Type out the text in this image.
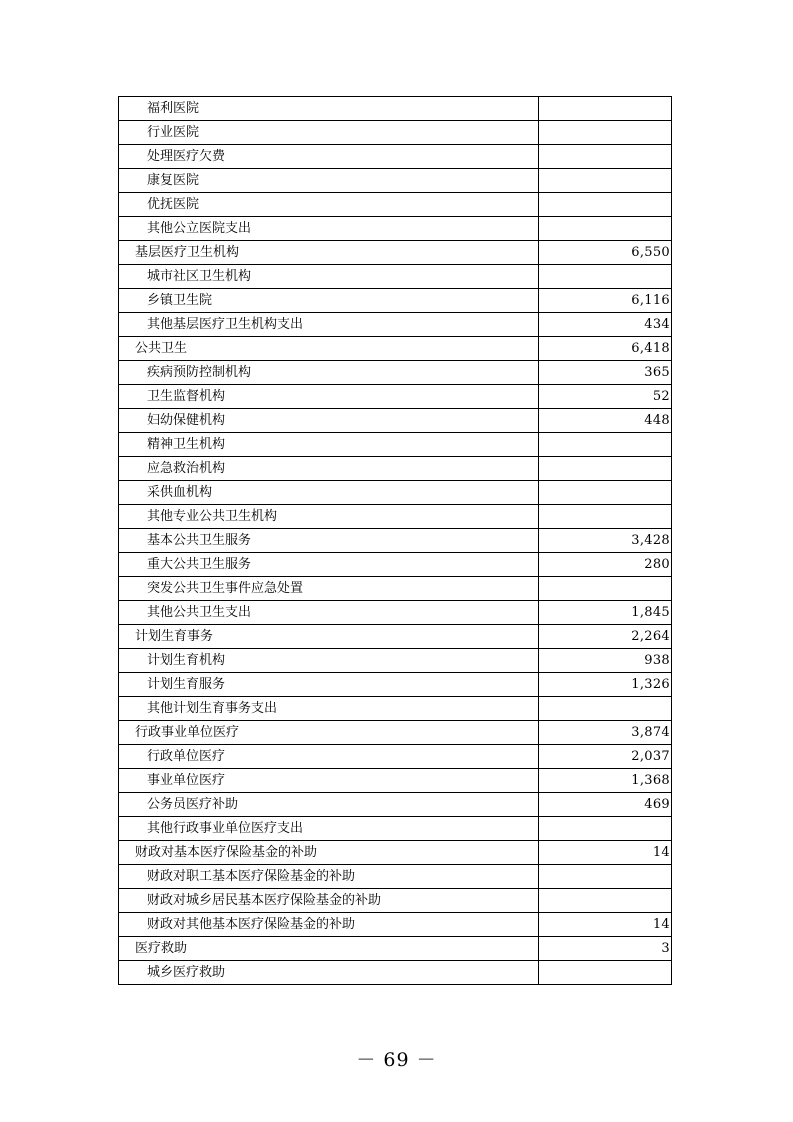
福利医院	
行业医院	
处理医疗欠费	
康复医院	
优抚医院	
其他公立医院支出	
基层医疗卫生机构	6,550
城市社区卫生机构	
乡镇卫生院	6,116
其他基层医疗卫生机构支出	434
公共卫生	6,418
疾病预防控制机构	365
卫生监督机构	52
妇幼保健机构	448
精神卫生机构	
应急救治机构	
采供血机构	
其他专业公共卫生机构	
基本公共卫生服务	3,428
重大公共卫生服务	280
突发公共卫生事件应急处置	
其他公共卫生支出	1,845
计划生育事务	2,264
计划生育机构	938
计划生育服务	1,326
其他计划生育事务支出	
行政事业单位医疗	3,874
行政单位医疗	2,037
事业单位医疗	1,368
公务员医疗补助	469
其他行政事业单位医疗支出	
财政对基本医疗保险基金的补助	14
财政对职工基本医疗保险基金的补助	
财政对城乡居民基本医疗保险基金的补助	
财政对其他基本医疗保险基金的补助	14
医疗救助	3
城乡医疗救助	
－ 69 －
